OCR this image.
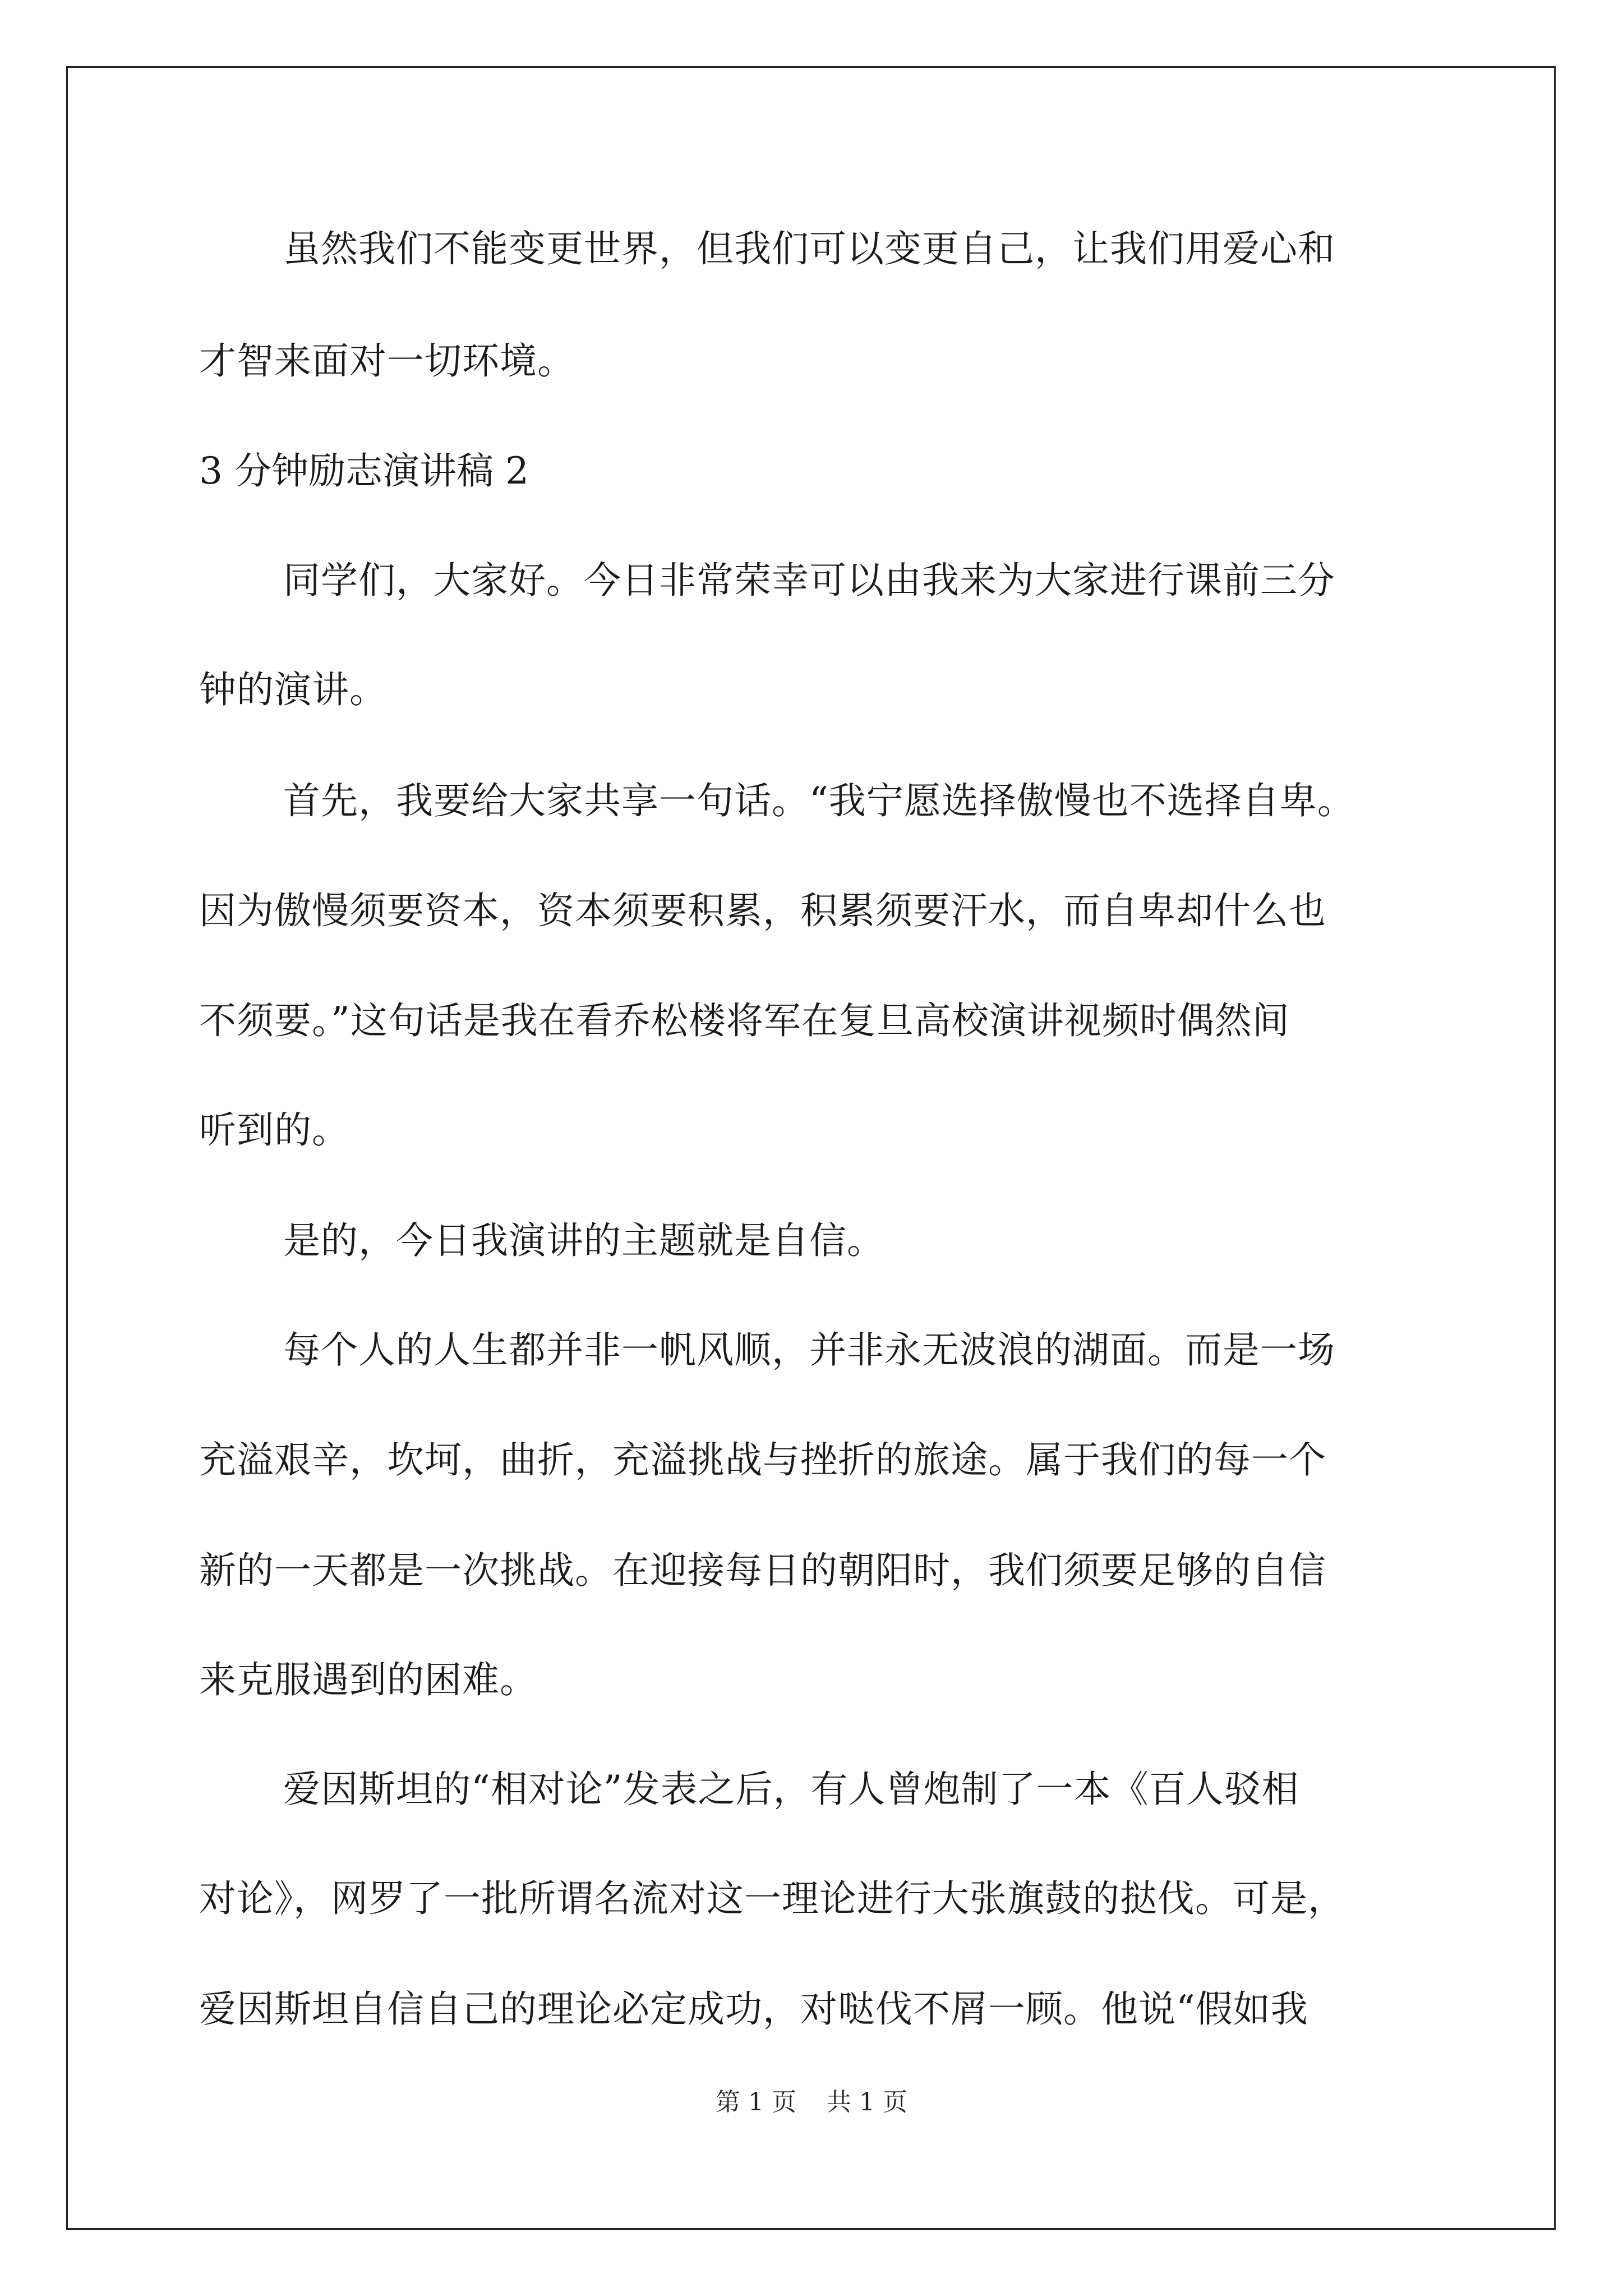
虽然我们不能变更世界，但我们可以变更自己，让我们用爱心和
才智来面对一切环境。
3 分钟励志演讲稿 2
同学们，大家好。今日非常荣幸可以由我来为大家进行课前三分
钟的演讲。
首先，我要给大家共享一句话。“我宁愿选择傲慢也不选择自卑。
因为傲慢须要资本，资本须要积累，积累须要汗水，而自卑却什么也
不须要。”这句话是我在看乔松楼将军在复旦高校演讲视频时偶然间
听到的。
是的，今日我演讲的主题就是自信。
每个人的人生都并非一帆风顺，并非永无波浪的湖面。而是一场
充溢艰辛，坎坷，曲折，充溢挑战与挫折的旅途。属于我们的每一个
新的一天都是一次挑战。在迎接每日的朝阳时，我们须要足够的自信
来克服遇到的困难。
爱因斯坦的“相对论”发表之后，有人曾炮制了一本《百人驳相
对论》，网罗了一批所谓名流对这一理论进行大张旗鼓的挞伐。可是，
爱因斯坦自信自己的理论必定成功，对哒伐不屑一顾。他说“假如我
第 1 页 共 1 页
